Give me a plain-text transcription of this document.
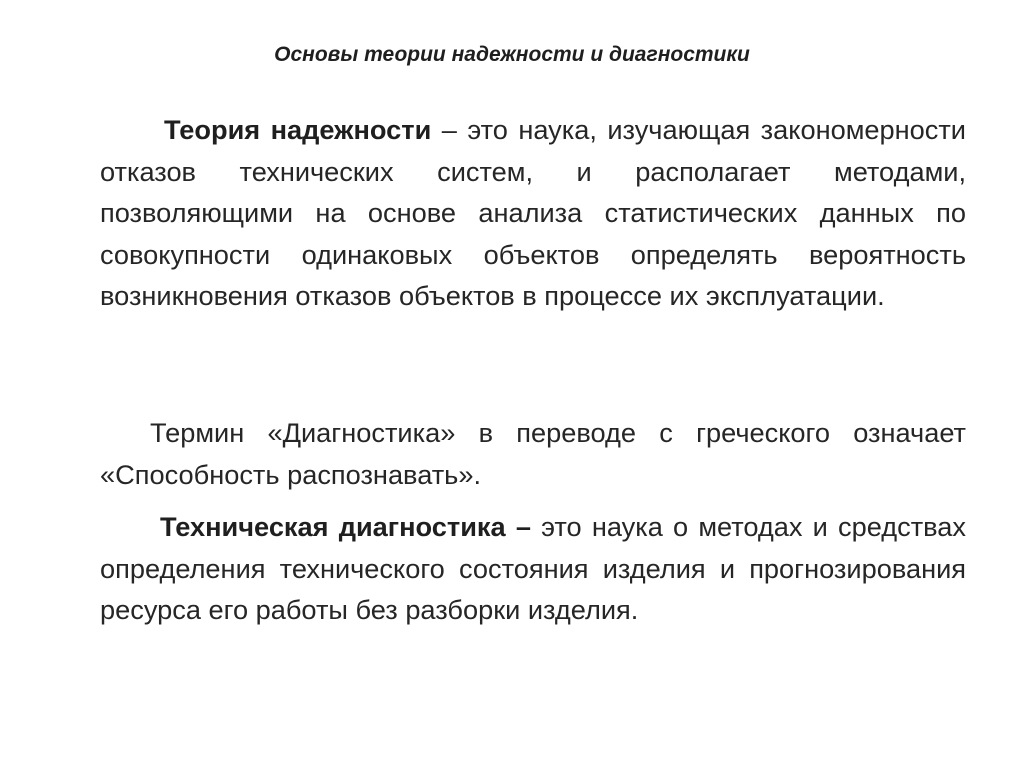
Основы теории надежности и диагностики
Теория надежности – это наука, изучающая закономерности отказов технических систем, и располагает методами, позволяющими на основе анализа статистических данных по совокупности одинаковых объектов определять вероятность возникновения отказов объектов в процессе их эксплуатации.
Термин «Диагностика» в переводе с греческого означает «Способность распознавать».
Техническая диагностика – это наука о методах и средствах определения технического состояния изделия и прогнозирования ресурса его работы без разборки изделия.
